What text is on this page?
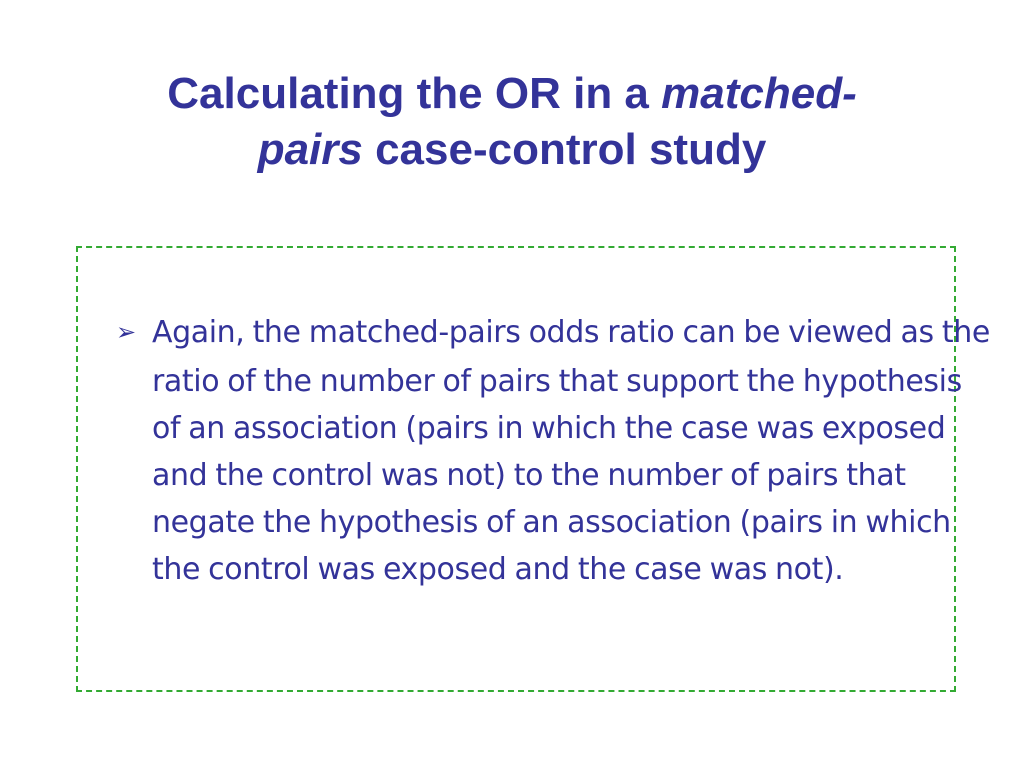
Calculating the OR in a matched-
pairs case-control study

➢ Again, the matched-pairs odds ratio can be viewed as the ratio of the number of pairs that support the hypothesis of an association (pairs in which the case was exposed and the control was not) to the number of pairs that negate the hypothesis of an association (pairs in which the control was exposed and the case was not).
